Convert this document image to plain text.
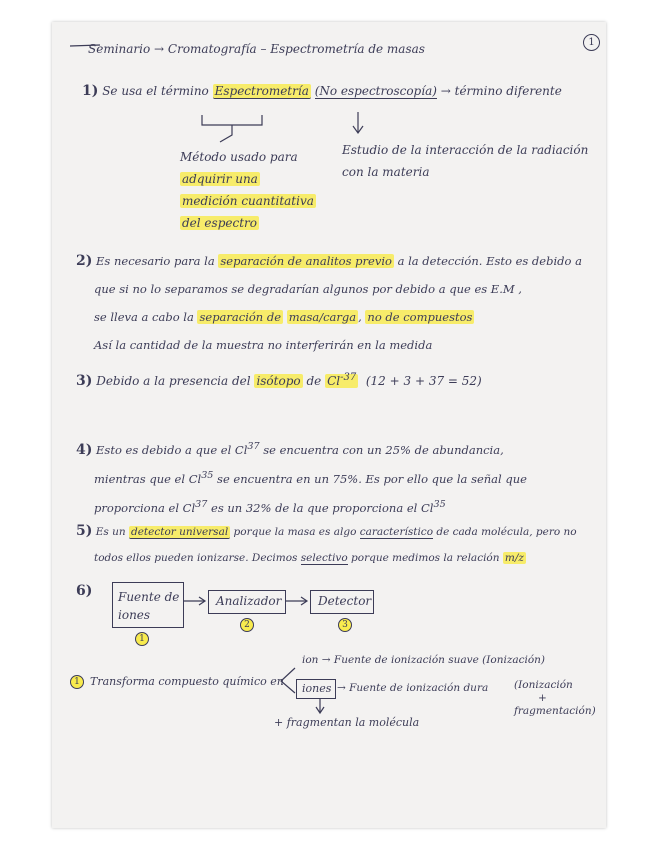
1
Seminario → Cromatografía – Espectrometría de masas
1) Se usa el término Espectrometría (No espectroscopía) → término diferente
Método usado para
adquirir una
medición cuantitativa
del espectro
Estudio de la interacción de la radiación
con la materia
2) Es necesario para la separación de analitos previo a la detección. Esto es debido a
que si no lo separamos se degradarían algunos por debido a que es E.M ,
se lleva a cabo la separación de masa/carga , no de compuestos
Así la cantidad de la muestra no interferirán en la medida
3) Debido a la presencia del isótopo de $Cl^{-37}$ (12 + 3 + 37 = 52)
4) Esto es debido a que el Cl$^{37}$ se encuentra con un 25% de abundancia,
mientras que el Cl$^{35}$ se encuentra en un 75%. Es por ello que la señal que
proporciona el Cl$^{37}$ es un 32% de la que proporciona el Cl$^{35}$
5) Es un detector universal porque la masa es algo característico de cada molécula, pero no
todos ellos pueden ionizarse. Decimos selectivo porque medimos la relación m/z
6) Fuente de
iones
Analizador	Detector
1
2	3
1 Transforma compuesto químico en
ion → Fuente de ionización suave (Ionización)
iones → Fuente de ionización dura (Ionización
+
fragmentación)
+ fragmentan la molécula
